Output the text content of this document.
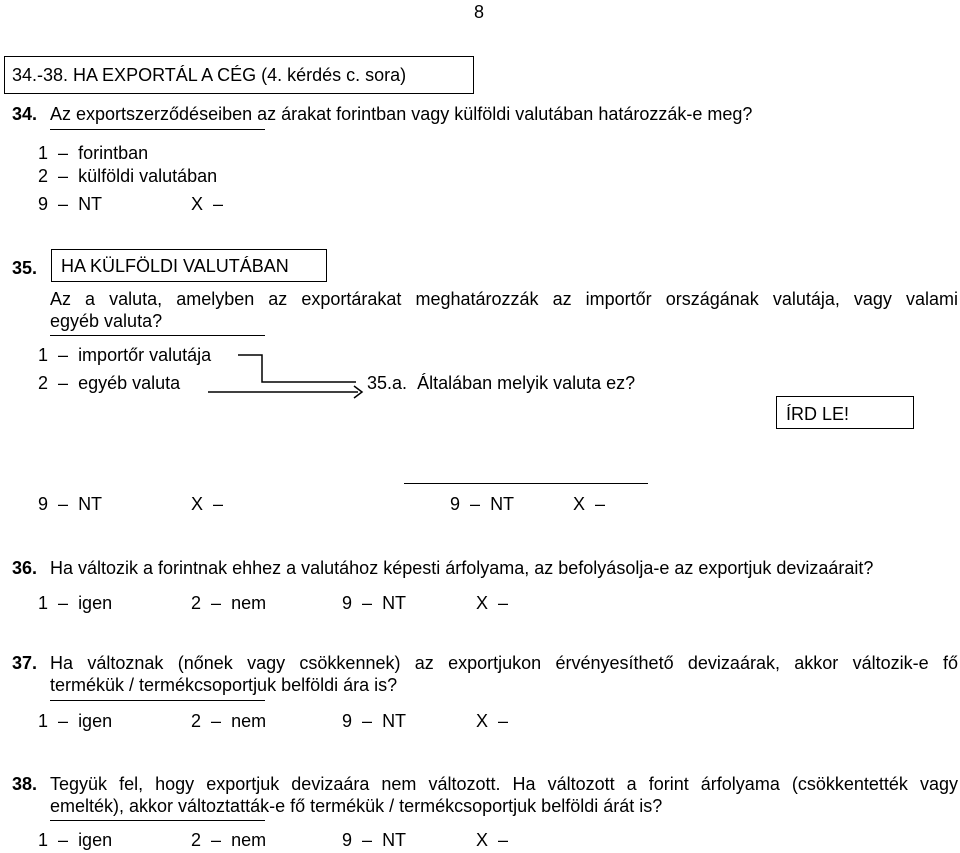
8
34.-38. HA EXPORTÁL A CÉG (4. kérdés c. sora)
34. Az exportszerződéseiben az árakat forintban vagy külföldi valutában határozzák-e meg?
1 – forintban
2 – külföldi valutában
9 – NT	X –
35. HA KÜLFÖLDI VALUTÁBAN
Az a valuta, amelyben az exportárakat meghatározzák az importőr országának valutája, vagy valami
egyéb valuta?
1 – importőr valutája
2 – egyéb valuta	35.a. Általában melyik valuta ez?
ÍRD LE!
9 – NT	X –	9 – NT	X –
36. Ha változik a forintnak ehhez a valutához képesti árfolyama, az befolyásolja-e az exportjuk devizaárait?
1 – igen	2 – nem	9 – NT	X –
37. Ha változnak (nőnek vagy csökkennek) az exportjukon érvényesíthető devizaárak, akkor változik-e fő
termékük / termékcsoportjuk belföldi ára is?
1 – igen	2 – nem	9 – NT	X –
38. Tegyük fel, hogy exportjuk devizaára nem változott. Ha változott a forint árfolyama (csökkentették vagy
emelték), akkor változtatták-e fő termékük / termékcsoportjuk belföldi árát is?
1 – igen	2 – nem	9 – NT	X –
